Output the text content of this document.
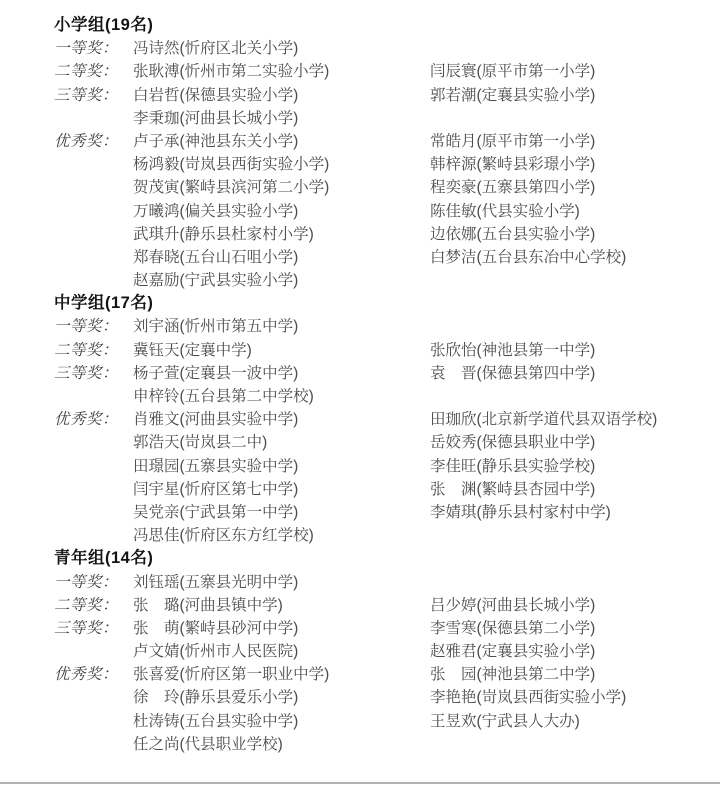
小学组(19名)
一等奖： 冯诗然(忻府区北关小学)
二等奖： 张耿溥(忻州市第二实验小学)	闫辰寰(原平市第一小学)
三等奖： 白岩哲(保德县实验小学)	郭若潮(定襄县实验小学)
李秉珈(河曲县长城小学)
优秀奖： 卢子承(神池县东关小学)	常皓月(原平市第一小学)
杨鸿毅(岢岚县西街实验小学)	韩梓源(繁峙县彩璟小学)
贺茂寅(繁峙县滨河第二小学)	程奕豪(五寨县第四小学)
万曦鸿(偏关县实验小学)	陈佳敏(代县实验小学)
武琪升(静乐县杜家村小学)	边依娜(五台县实验小学)
郑春晓(五台山石咀小学)	白梦洁(五台县东冶中心学校)
赵嘉励(宁武县实验小学)
中学组(17名)
一等奖： 刘宇涵(忻州市第五中学)
二等奖： 冀钰天(定襄中学)	张欣怡(神池县第一中学)
三等奖： 杨子萱(定襄县一波中学)	袁　晋(保德县第四中学)
申梓铃(五台县第二中学校)
优秀奖： 肖雅文(河曲县实验中学)	田珈欣(北京新学道代县双语学校)
郭浩天(岢岚县二中)	岳姣秀(保德县职业中学)
田璟园(五寨县实验中学)	李佳旺(静乐县实验学校)
闫宇星(忻府区第七中学)	张　渊(繁峙县杏园中学)
吴党亲(宁武县第一中学)	李婧琪(静乐县村家村中学)
冯思佳(忻府区东方红学校)
青年组(14名)
一等奖： 刘钰瑶(五寨县光明中学)
二等奖： 张　璐(河曲县镇中学)	吕少婷(河曲县长城小学)
三等奖： 张　萌(繁峙县砂河中学)	李雪寒(保德县第二小学)
卢文婧(忻州市人民医院)	赵雅君(定襄县实验小学)
优秀奖： 张喜爱(忻府区第一职业中学)	张　园(神池县第二中学)
徐　玲(静乐县爱乐小学)	李艳艳(岢岚县西街实验小学)
杜涛铸(五台县实验中学)	王昱欢(宁武县人大办)
任之尚(代县职业学校)
